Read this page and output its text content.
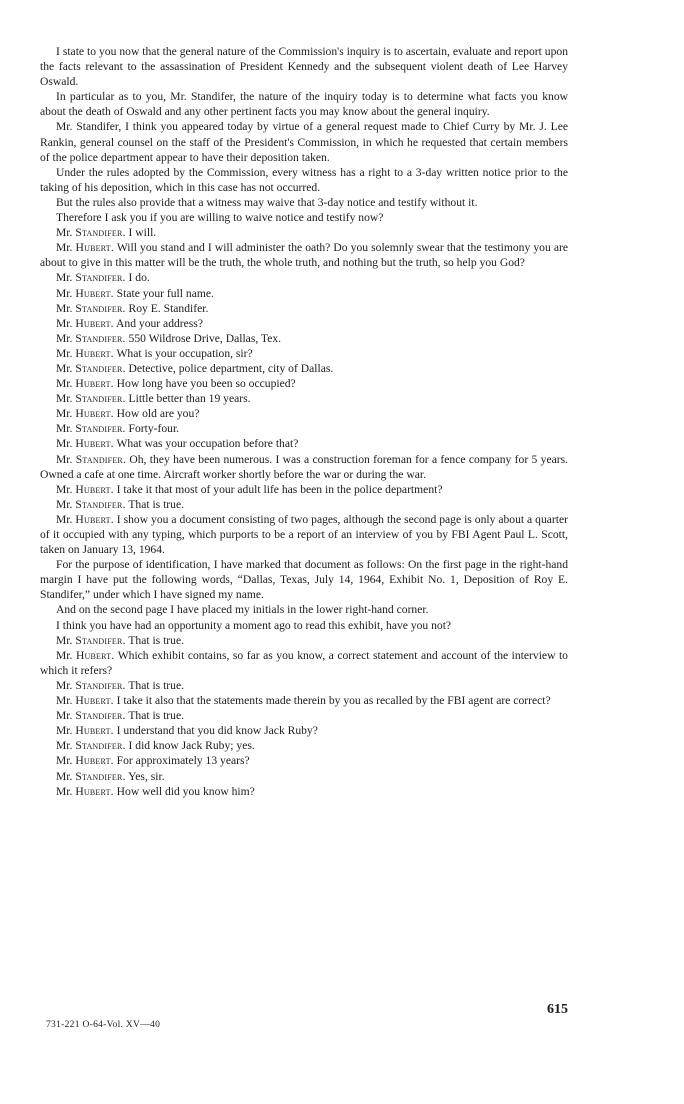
I state to you now that the general nature of the Commission's inquiry is to ascertain, evaluate and report upon the facts relevant to the assassination of President Kennedy and the subsequent violent death of Lee Harvey Oswald.

In particular as to you, Mr. Standifer, the nature of the inquiry today is to determine what facts you know about the death of Oswald and any other pertinent facts you may know about the general inquiry.

Mr. Standifer, I think you appeared today by virtue of a general request made to Chief Curry by Mr. J. Lee Rankin, general counsel on the staff of the President's Commission, in which he requested that certain members of the police department appear to have their deposition taken.

Under the rules adopted by the Commission, every witness has a right to a 3-day written notice prior to the taking of his deposition, which in this case has not occurred.

But the rules also provide that a witness may waive that 3-day notice and testify without it.

Therefore I ask you if you are willing to waive notice and testify now?

Mr. Standifer. I will.

Mr. Hubert. Will you stand and I will administer the oath? Do you solemnly swear that the testimony you are about to give in this matter will be the truth, the whole truth, and nothing but the truth, so help you God?

Mr. Standifer. I do.

Mr. Hubert. State your full name.

Mr. Standifer. Roy E. Standifer.

Mr. Hubert. And your address?

Mr. Standifer. 550 Wildrose Drive, Dallas, Tex.

Mr. Hubert. What is your occupation, sir?

Mr. Standifer. Detective, police department, city of Dallas.

Mr. Hubert. How long have you been so occupied?

Mr. Standifer. Little better than 19 years.

Mr. Hubert. How old are you?

Mr. Standifer. Forty-four.

Mr. Hubert. What was your occupation before that?

Mr. Standifer. Oh, they have been numerous. I was a construction foreman for a fence company for 5 years. Owned a cafe at one time. Aircraft worker shortly before the war or during the war.

Mr. Hubert. I take it that most of your adult life has been in the police department?

Mr. Standifer. That is true.

Mr. Hubert. I show you a document consisting of two pages, although the second page is only about a quarter of it occupied with any typing, which purports to be a report of an interview of you by FBI Agent Paul L. Scott, taken on January 13, 1964.

For the purpose of identification, I have marked that document as follows: On the first page in the right-hand margin I have put the following words, “Dallas, Texas, July 14, 1964, Exhibit No. 1, Deposition of Roy E. Standifer,” under which I have signed my name.

And on the second page I have placed my initials in the lower right-hand corner.

I think you have had an opportunity a moment ago to read this exhibit, have you not?

Mr. Standifer. That is true.

Mr. Hubert. Which exhibit contains, so far as you know, a correct statement and account of the interview to which it refers?

Mr. Standifer. That is true.

Mr. Hubert. I take it also that the statements made therein by you as recalled by the FBI agent are correct?

Mr. Standifer. That is true.

Mr. Hubert. I understand that you did know Jack Ruby?

Mr. Standifer. I did know Jack Ruby; yes.

Mr. Hubert. For approximately 13 years?

Mr. Standifer. Yes, sir.

Mr. Hubert. How well did you know him?

615
731-221 O-64-Vol. XV—40
